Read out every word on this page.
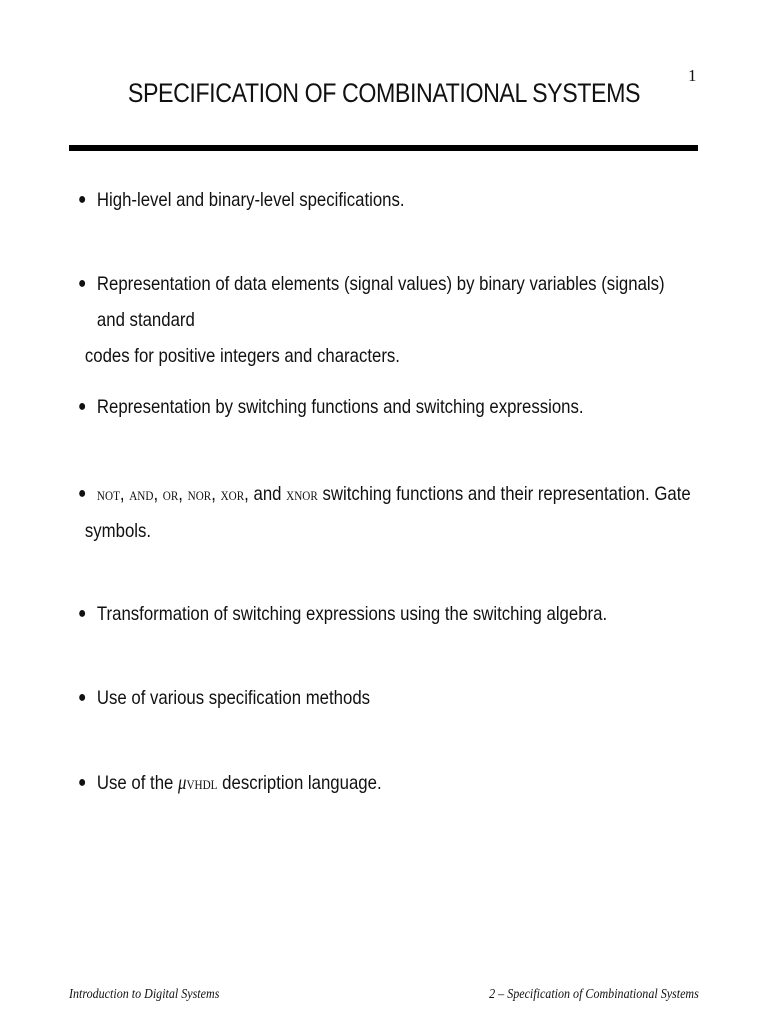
1
SPECIFICATION OF COMBINATIONAL SYSTEMS
● High-level and binary-level specifications.
● Representation of data elements (signal values) by binary variables (signals) and standard
codes for positive integers and characters.
● Representation by switching functions and switching expressions.
● not, and, or, nor, xor, and xnor switching functions and their representation. Gate
symbols.
● Transformation of switching expressions using the switching algebra.
● Use of various specification methods
● Use of the μvhdl description language.
Introduction to Digital Systems	2 – Specification of Combinational Systems
